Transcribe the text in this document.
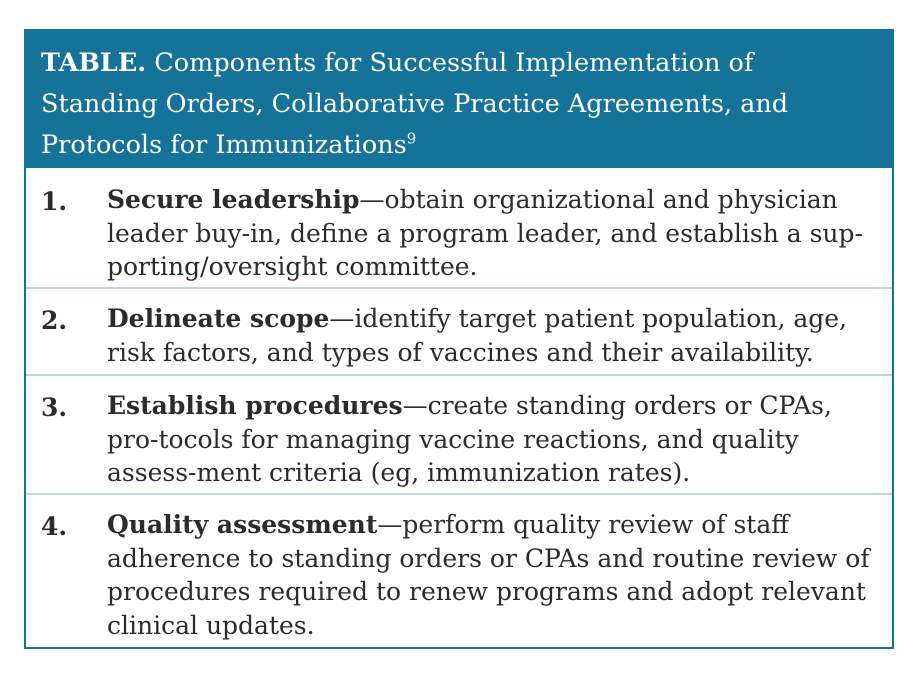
TABLE. Components for Successful Implementation of Standing Orders, Collaborative Practice Agreements, and Protocols for Immunizations$^9$
1. Secure leadership—obtain organizational and physician leader buy-in, define a program leader, and establish a sup-porting/oversight committee.
2. Delineate scope—identify target patient population, age, risk factors, and types of vaccines and their availability.
3. Establish procedures—create standing orders or CPAs, pro-tocols for managing vaccine reactions, and quality assess-ment criteria (eg, immunization rates).
4. Quality assessment—perform quality review of staff adherence to standing orders or CPAs and routine review of procedures required to renew programs and adopt relevant clinical updates.
